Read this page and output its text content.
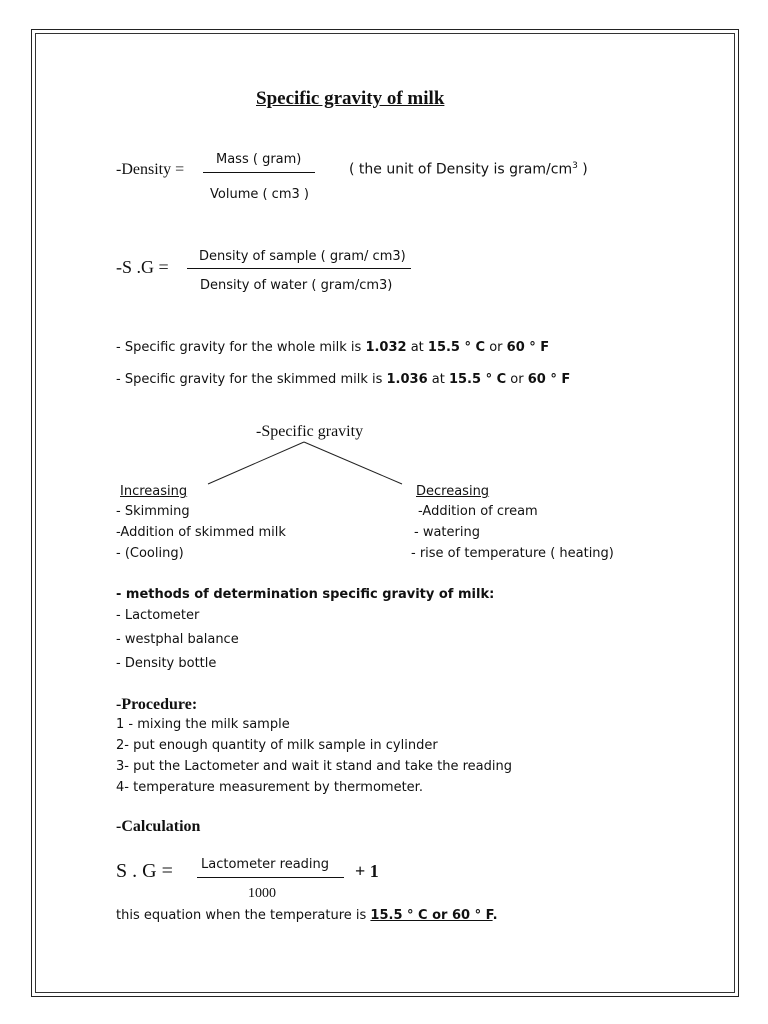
Specific gravity of milk
-Density =
Mass ( gram)
Volume ( cm3 )
( the unit of Density is gram/$cm^3$ )
-S .G =
Density of sample ( gram/ cm3)
Density of water ( gram/cm3)
- Specific gravity for the whole milk is 1.032 at 15.5 ° C or 60 ° F
- Specific gravity for the skimmed milk is 1.036 at 15.5 ° C or 60 ° F
-Specific gravity
Increasing
- Skimming
-Addition of skimmed milk
- (Cooling)
Decreasing
-Addition of cream
- watering
- rise of temperature ( heating)
- methods of determination specific gravity of milk:
- Lactometer
- westphal balance
- Density bottle
-Procedure:
1 - mixing the milk sample
2- put enough quantity of milk sample in cylinder
3- put the Lactometer and wait it stand and take the reading
4- temperature measurement by thermometer.
-Calculation
S . G = Lactometer reading
1000
+ 1
this equation when the temperature is 15.5 ° C or 60 ° F.
